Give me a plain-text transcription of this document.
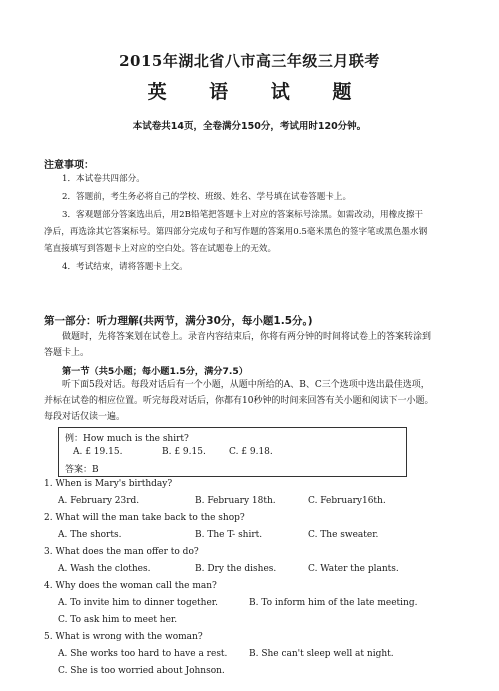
2015年湖北省八市高三年级三月联考
英 语 试 题
本试卷共14页，全卷满分150分，考试用时120分钟。
注意事项：
1．本试卷共四部分。
2．答题前，考生务必将自己的学校、班级、姓名、学号填在试卷答题卡上。
3．客观题部分答案选出后，用2B铅笔把答题卡上对应的答案标号涂黑。如需改动，用橡皮擦干
净后，再选涂其它答案标号。第四部分完成句子和写作题的答案用0.5毫米黑色的签字笔或黑色墨水钢
笔直接填写到答题卡上对应的空白处。答在试题卷上的无效。
4．考试结束，请将答题卡上交。
第一部分：听力理解(共两节，满分30分，每小题1.5分。)
做题时，先将答案划在试卷上。录音内容结束后，你将有两分钟的时间将试卷上的答案转涂到
答题卡上。
第一节（共5小题；每小题1.5分，满分7.5）
听下面5段对话。每段对话后有一个小题，从题中所给的A、B、C三个选项中选出最佳选项，
并标在试卷的相应位置。听完每段对话后，你都有10秒钟的时间来回答有关小题和阅读下一小题。
每段对话仅读一遍。
例：How much is the shirt?
A. £ 19.15.	B. £ 9.15.	C. £ 9.18.
答案：B
1. When is Mary's birthday?
A. February 23rd.	B. February 18th.	C. February16th.
2. What will the man take back to the shop?
A. The shorts.	B. The T- shirt.	C. The sweater.
3. What does the man offer to do?
A. Wash the clothes.	B. Dry the dishes.	C. Water the plants.
4. Why does the woman call the man?
A. To invite him to dinner together.	B. To inform him of the late meeting.
C. To ask him to meet her.
5. What is wrong with the woman?
A. She works too hard to have a rest. B. She can't sleep well at night.
C. She is too worried about Johnson.
